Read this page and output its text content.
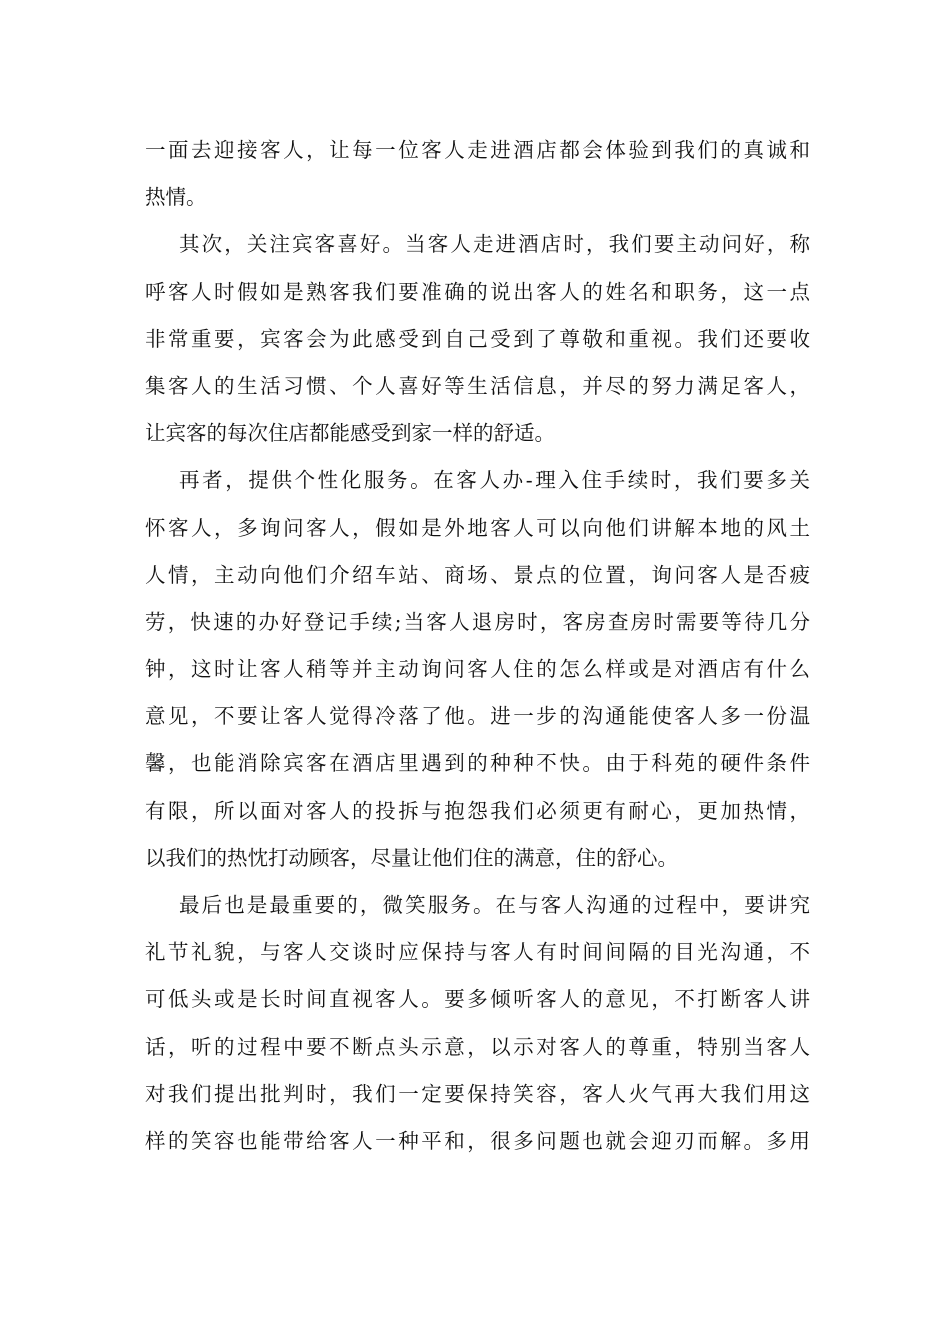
一面去迎接客人，让每一位客人走进酒店都会体验到我们的真诚和
热情。
其次，关注宾客喜好。当客人走进酒店时，我们要主动问好，称
呼客人时假如是熟客我们要准确的说出客人的姓名和职务，这一点
非常重要，宾客会为此感受到自己受到了尊敬和重视。我们还要收
集客人的生活习惯、个人喜好等生活信息，并尽的努力满足客人，
让宾客的每次住店都能感受到家一样的舒适。
再者，提供个性化服务。在客人办-理入住手续时，我们要多关
怀客人，多询问客人，假如是外地客人可以向他们讲解本地的风土
人情，主动向他们介绍车站、商场、景点的位置，询问客人是否疲
劳，快速的办好登记手续;当客人退房时，客房查房时需要等待几分
钟，这时让客人稍等并主动询问客人住的怎么样或是对酒店有什么
意见，不要让客人觉得冷落了他。进一步的沟通能使客人多一份温
馨，也能消除宾客在酒店里遇到的种种不快。由于科苑的硬件条件
有限，所以面对客人的投拆与抱怨我们必须更有耐心，更加热情，
以我们的热忱打动顾客，尽量让他们住的满意，住的舒心。
最后也是最重要的，微笑服务。在与客人沟通的过程中，要讲究
礼节礼貌，与客人交谈时应保持与客人有时间间隔的目光沟通，不
可低头或是长时间直视客人。要多倾听客人的意见，不打断客人讲
话，听的过程中要不断点头示意，以示对客人的尊重，特别当客人
对我们提出批判时，我们一定要保持笑容，客人火气再大我们用这
样的笑容也能带给客人一种平和，很多问题也就会迎刃而解。多用
